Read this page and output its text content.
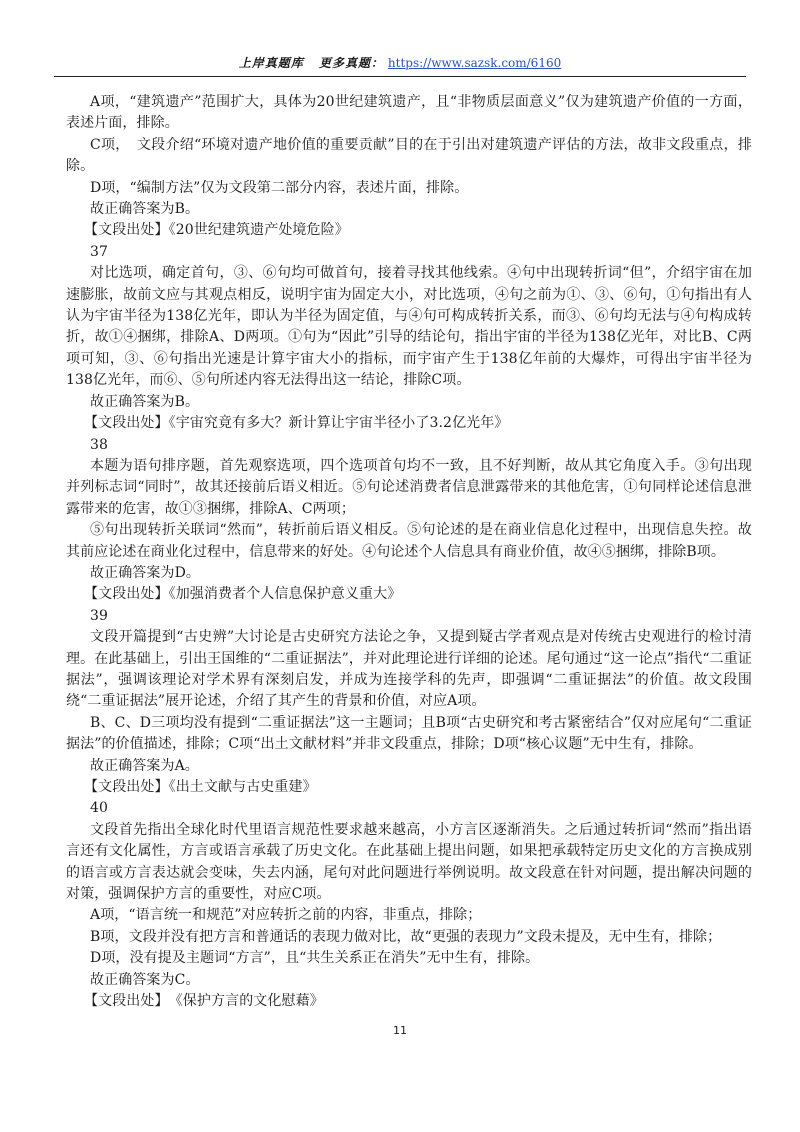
上岸真题库 更多真题： https://www.sazsk.com/6160

A项，“建筑遗产”范围扩大，具体为20世纪建筑遗产，且“非物质层面意义”仅为建筑遗产价值的一方面，表述片面，排除。

C项，　文段介绍“环境对遗产地价值的重要贡献”目的在于引出对建筑遗产评估的方法，故非文段重点，排除。

D项，“编制方法”仅为文段第二部分内容，表述片面，排除。

故正确答案为B。

【文段出处】《20世纪建筑遗产处境危险》

37

对比选项，确定首句，③、⑥句均可做首句，接着寻找其他线索。④句中出现转折词“但”，介绍宇宙在加速膨胀，故前文应与其观点相反，说明宇宙为固定大小，对比选项，④句之前为①、③、⑥句，①句指出有人认为宇宙半径为138亿光年，即认为半径为固定值，与④句可构成转折关系，而③、⑥句均无法与④句构成转折，故①④捆绑，排除A、D两项。①句为“因此”引导的结论句，指出宇宙的半径为138亿光年，对比B、C两项可知，③、⑥句指出光速是计算宇宙大小的指标，而宇宙产生于138亿年前的大爆炸，可得出宇宙半径为138亿光年，而⑥、⑤句所述内容无法得出这一结论，排除C项。

故正确答案为B。

【文段出处】《宇宙究竟有多大？新计算让宇宙半径小了3.2亿光年》

38

本题为语句排序题，首先观察选项，四个选项首句均不一致，且不好判断，故从其它角度入手。③句出现并列标志词“同时”，故其还接前后语义相近。⑤句论述消费者信息泄露带来的其他危害，①句同样论述信息泄露带来的危害，故①③捆绑，排除A、C两项；

⑤句出现转折关联词“然而”，转折前后语义相反。⑤句论述的是在商业信息化过程中，出现信息失控。故其前应论述在商业化过程中，信息带来的好处。④句论述个人信息具有商业价值，故④⑤捆绑，排除B项。

故正确答案为D。

【文段出处】《加强消费者个人信息保护意义重大》

39

文段开篇提到“古史辨”大讨论是古史研究方法论之争，又提到疑古学者观点是对传统古史观进行的检讨清理。在此基础上，引出王国维的“二重证据法”，并对此理论进行详细的论述。尾句通过“这一论点”指代“二重证据法”，强调该理论对学术界有深刻启发，并成为连接学科的先声，即强调“二重证据法”的价值。故文段围绕“二重证据法”展开论述，介绍了其产生的背景和价值，对应A项。

B、C、D三项均没有提到“二重证据法”这一主题词；且B项“古史研究和考古紧密结合”仅对应尾句“二重证据法”的价值描述，排除；C项“出土文献材料”并非文段重点，排除；D项“核心议题”无中生有，排除。

故正确答案为A。

【文段出处】《出土文献与古史重建》

40

文段首先指出全球化时代里语言规范性要求越来越高，小方言区逐渐消失。之后通过转折词“然而”指出语言还有文化属性，方言或语言承载了历史文化。在此基础上提出问题，如果把承载特定历史文化的方言换成别的语言或方言表达就会变味，失去内涵，尾句对此问题进行举例说明。故文段意在针对问题，提出解决问题的对策，强调保护方言的重要性，对应C项。

A项，“语言统一和规范”对应转折之前的内容，非重点，排除；

B项，文段并没有把方言和普通话的表现力做对比，故“更强的表现力”文段未提及，无中生有，排除；

D项，没有提及主题词“方言”，且“共生关系正在消失”无中生有，排除。

故正确答案为C。

【文段出处】　《保护方言的文化慰藉》

11
